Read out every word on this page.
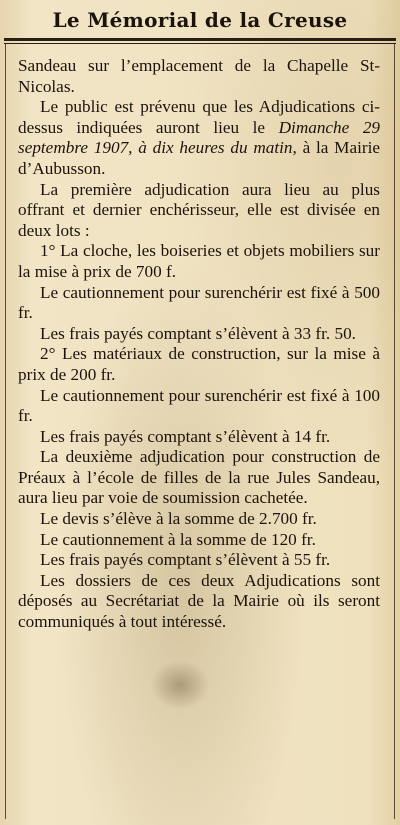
Le Mémorial de la Creuse

Sandeau sur l’emplacement de la Chapelle St-Nicolas.

Le public est prévenu que les Adjudications ci-dessus indiquées auront lieu le Dimanche 29 septembre 1907, à dix heures du matin, à la Mairie d’Aubusson.

La première adjudication aura lieu au plus offrant et dernier enchérisseur, elle est divisée en deux lots :

1° La cloche, les boiseries et objets mobiliers sur la mise à prix de 700 f.

Le cautionnement pour surenchérir est fixé à 500 fr.

Les frais payés comptant s’élèvent à 33 fr. 50.

2° Les matériaux de construction, sur la mise à prix de 200 fr.

Le cautionnement pour surenchérir est fixé à 100 fr.

Les frais payés comptant s’élèvent à 14 fr.

La deuxième adjudication pour construction de Préaux à l’école de filles de la rue Jules Sandeau, aura lieu par voie de soumission cachetée.

Le devis s’élève à la somme de 2.700 fr.

Le cautionnement à la somme de 120 fr.

Les frais payés comptant s’élèvent à 55 fr.

Les dossiers de ces deux Adjudications sont déposés au Secrétariat de la Mairie où ils seront communiqués à tout intéressé.
